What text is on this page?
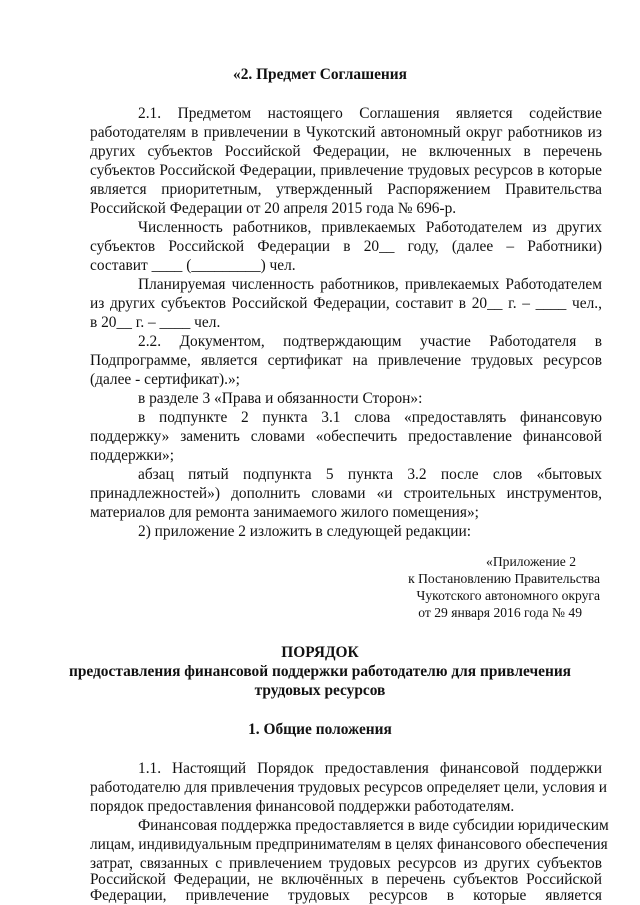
«2. Предмет Соглашения
2.1. Предметом настоящего Соглашения является содействие
работодателям в привлечении в Чукотский автономный округ работников из
других субъектов Российской Федерации, не включенных в перечень
субъектов Российской Федерации, привлечение трудовых ресурсов в которые
является приоритетным, утвержденный Распоряжением Правительства
Российской Федерации от 20 апреля 2015 года № 696-р.
Численность работников, привлекаемых Работодателем из других
субъектов Российской Федерации в 20__ году, (далее – Работники)
составит ____ (_________) чел.
Планируемая численность работников, привлекаемых Работодателем
из других субъектов Российской Федерации, составит в 20__ г. – ____ чел.,
в 20__ г. – ____ чел.
2.2. Документом, подтверждающим участие Работодателя в
Подпрограмме, является сертификат на привлечение трудовых ресурсов
(далее - сертификат).»;
в разделе 3 «Права и обязанности Сторон»:
в подпункте 2 пункта 3.1 слова «предоставлять финансовую
поддержку» заменить словами «обеспечить предоставление финансовой
поддержки»;
абзац пятый подпункта 5 пункта 3.2 после слов «бытовых
принадлежностей») дополнить словами «и строительных инструментов,
материалов для ремонта занимаемого жилого помещения»;
2) приложение 2 изложить в следующей редакции:
«Приложение 2
к Постановлению Правительства
Чукотского автономного округа
от 29 января 2016 года № 49
ПОРЯДОК
предоставления финансовой поддержки работодателю для привлечения
трудовых ресурсов
1. Общие положения
1.1. Настоящий Порядок предоставления финансовой поддержки
работодателю для привлечения трудовых ресурсов определяет цели, условия и
порядок предоставления финансовой поддержки работодателям.
Финансовая поддержка предоставляется в виде субсидии юридическим
лицам, индивидуальным предпринимателям в целях финансового обеспечения
затрат, связанных с привлечением трудовых ресурсов из других субъектов
Российской Федерации, не включённых в перечень субъектов Российской
Федерации, привлечение трудовых ресурсов в которые является
